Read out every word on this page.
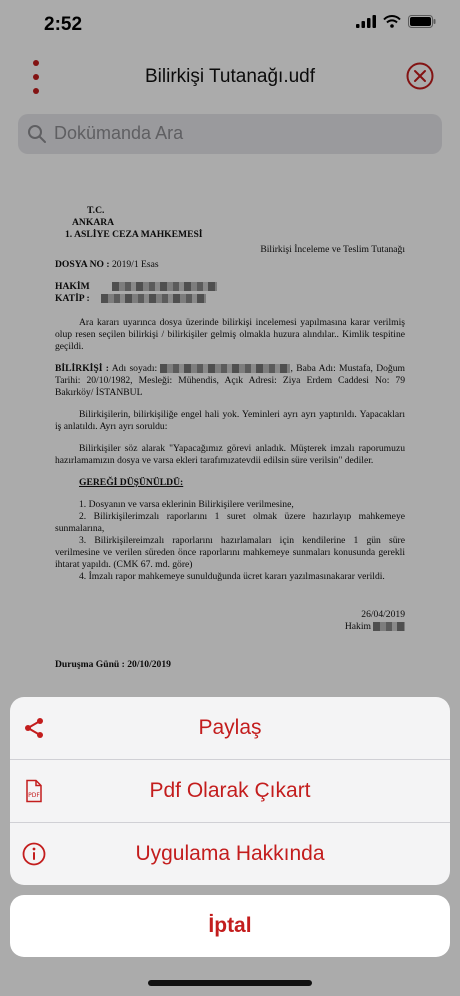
2:52
Bilirkişi Tutanağı.udf
Dokümanda Ara

T.C.

ANKARA

1. ASLİYE CEZA MAHKEMESİ

Bilirkişi İnceleme ve Teslim Tutanağı

DOSYA NO : 2019/1 Esas

HAKİM

KATİP :

Ara kararı uyarınca dosya üzerinde bilirkişi incelemesi yapılmasına karar verilmiş olup resen seçilen bilirkişi / bilirkişiler gelmiş olmakla huzura alındılar.. Kimlik tespitine geçildi.

BİLİRKİŞİ : Adı soyadı:	, Baba Adı: Mustafa, Doğum Tarihi: 20/10/1982, Mesleği: Mühendis, Açık Adresi: Ziya Erdem Caddesi No: 79 Bakırköy/ İSTANBUL

Bilirkişilerin, bilirkişiliğe engel hali yok. Yeminleri ayrı ayrı yaptırıldı. Yapacakları iş anlatıldı. Ayrı ayrı soruldu:

Bilirkişiler söz alarak "Yapacağımız görevi anladık. Müşterek imzalı raporumuzu hazırlamamızın dosya ve varsa ekleri tarafımızatevdii edilsin süre verilsin" dediler.

GEREĞİ DÜŞÜNÜLDÜ:

1. Dosyanın ve varsa eklerinin Bilirkişilere verilmesine,

2. Bilirkişilerimzalı raporlarını 1 suret olmak üzere hazırlayıp mahkemeye sunmalarına,

3. Bilirkişilereimzalı raporlarını hazırlamaları için kendilerine 1 gün süre verilmesine ve verilen süreden önce raporlarını mahkemeye sunmaları konusunda gerekli ihtarat yapıldı. (CMK 67. md. göre)

4. İmzalı rapor mahkemeye sunulduğunda ücret kararı yazılmasınakarar verildi.

26/04/2019

Hakim

Duruşma Günü : 20/10/2019

Paylaş
PDF	Pdf Olarak Çıkart
Uygulama Hakkında
İptal
